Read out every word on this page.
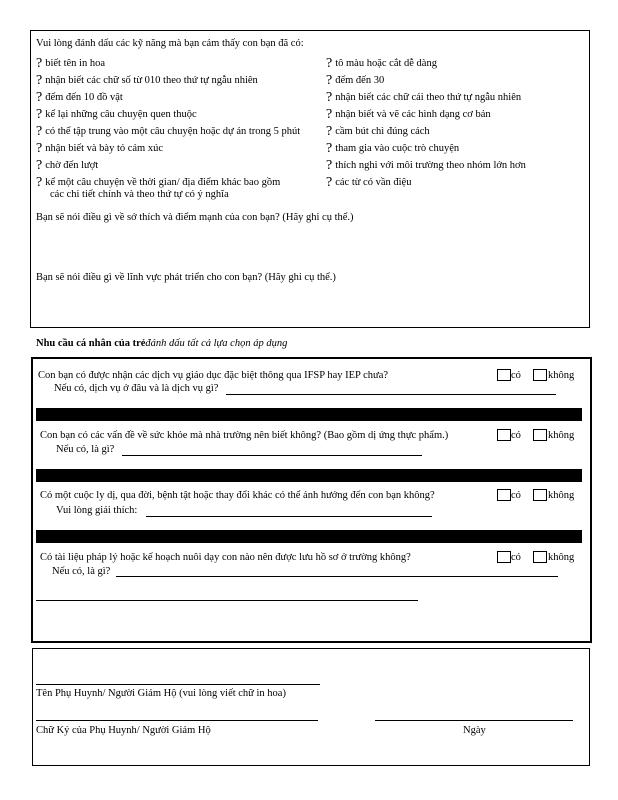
Vui lòng đánh dấu các kỹ năng mà bạn cảm thấy con bạn đã có:
? biết tên in hoa
? nhận biết các chữ số từ 010 theo thứ tự ngẫu nhiên
? đếm đến 10 đồ vật
? kể lại những câu chuyện quen thuộc
? có thể tập trung vào một câu chuyện hoặc dự án trong 5 phút
? nhận biết và bày tỏ cảm xúc
? chờ đến lượt
? kể một câu chuyện về thời gian/ địa điểm khác bao gồm
các chi tiết chính và theo thứ tự có ý nghĩa
? tô màu hoặc cắt dễ dàng
? đếm đến 30
? nhận biết các chữ cái theo thứ tự ngẫu nhiên
? nhận biết và vẽ các hình dạng cơ bản
? cầm bút chì đúng cách
? tham gia vào cuộc trò chuyện
? thích nghi với môi trường theo nhóm lớn hơn
? các từ có vần điệu
Bạn sẽ nói điều gì về sở thích và điểm mạnh của con bạn? (Hãy ghi cụ thể.)
Bạn sẽ nói điều gì về lĩnh vực phát triển cho con bạn? (Hãy ghi cụ thể.)
Nhu cầu cá nhân của trẻđánh dấu tất cả lựa chọn áp dụng
Con bạn có được nhận các dịch vụ giáo dục đặc biệt thông qua IFSP hay IEP chưa?	có	không
Nếu có, dịch vụ ở đâu và là dịch vụ gì?
Con bạn có các vấn đề về sức khỏe mà nhà trường nên biết không? (Bao gồm dị ứng thực phẩm.)	có	không
Nếu có, là gì?
Có một cuộc ly dị, qua đời, bệnh tật hoặc thay đổi khác có thể ảnh hưởng đến con bạn không?	có	không
Vui lòng giải thích:
Có tài liệu pháp lý hoặc kế hoạch nuôi dạy con nào nên được lưu hồ sơ ở trường không?	có	không
Nếu có, là gì?
Tên Phụ Huynh/ Người Giám Hộ (vui lòng viết chữ in hoa)
Chữ Ký của Phụ Huynh/ Người Giám Hộ	Ngày
